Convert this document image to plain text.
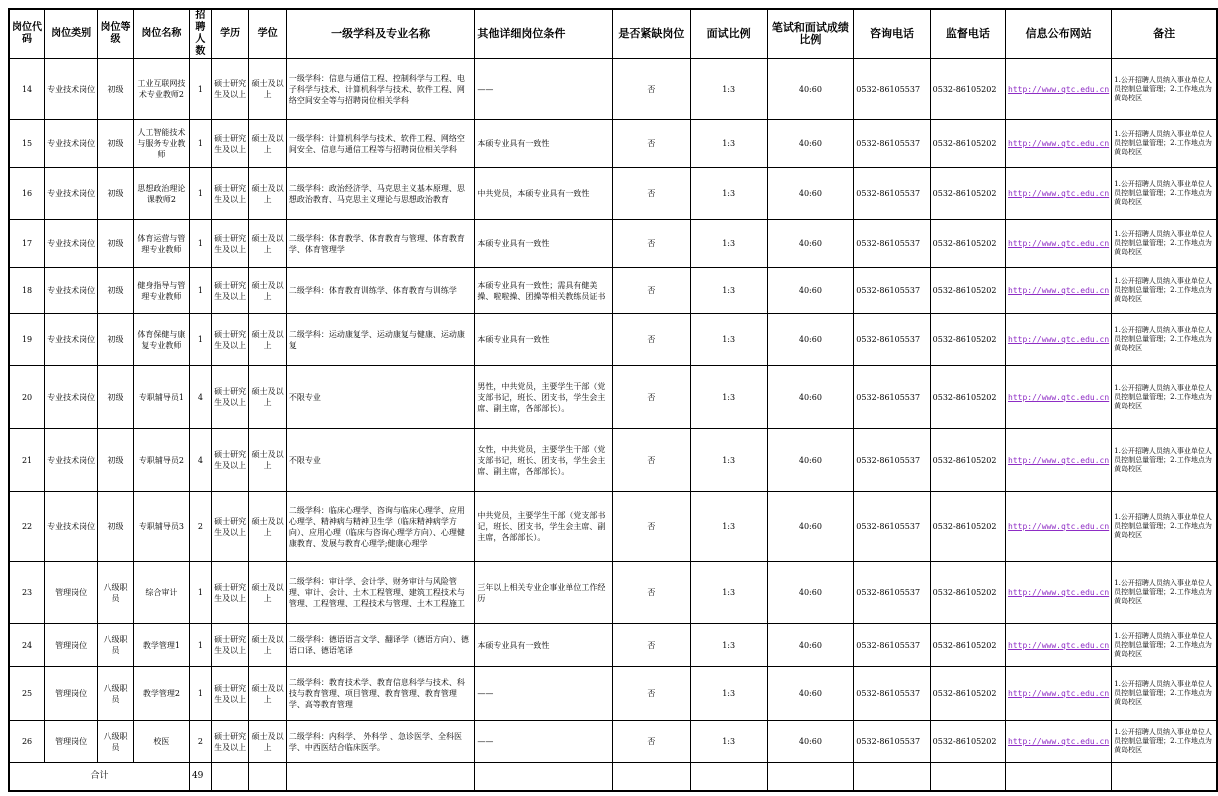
岗位代码	岗位类别	岗位等级	岗位名称	招聘人数	学历	学位	一级学科及专业名称	其他详细岗位条件	是否紧缺岗位	面试比例	笔试和面试成绩比例	咨询电话	监督电话	信息公布网站	备注
14	专业技术岗位	初级	工业互联网技术专业教师2	1	硕士研究生及以上	硕士及以上	一级学科：信息与通信工程、控制科学与工程、电子科学与技术、计算机科学与技术、软件工程、网络空间安全等与招聘岗位相关学科	——	否	1:3	40:60	0532-86105537	0532-86105202	http://www.qtc.edu.cn	1.公开招聘人员纳入事业单位人员控制总量管理；2.工作地点为黄岛校区
15	专业技术岗位	初级	人工智能技术与服务专业教师	1	硕士研究生及以上	硕士及以上	一级学科：计算机科学与技术、软件工程、网络空间安全、信息与通信工程等与招聘岗位相关学科	本硕专业具有一致性	否	1:3	40:60	0532-86105537	0532-86105202	http://www.qtc.edu.cn	1.公开招聘人员纳入事业单位人员控制总量管理；2.工作地点为黄岛校区
16	专业技术岗位	初级	思想政治理论课教师2	1	硕士研究生及以上	硕士及以上	二级学科：政治经济学、马克思主义基本原理、思想政治教育、马克思主义理论与思想政治教育	中共党员，本硕专业具有一致性	否	1:3	40:60	0532-86105537	0532-86105202	http://www.qtc.edu.cn	1.公开招聘人员纳入事业单位人员控制总量管理；2.工作地点为黄岛校区
17	专业技术岗位	初级	体育运营与管理专业教师	1	硕士研究生及以上	硕士及以上	二级学科：体育教学、体育教育与管理、体育教育学、体育管理学	本硕专业具有一致性	否	1:3	40:60	0532-86105537	0532-86105202	http://www.qtc.edu.cn	1.公开招聘人员纳入事业单位人员控制总量管理；2.工作地点为黄岛校区
18	专业技术岗位	初级	健身指导与管理专业教师	1	硕士研究生及以上	硕士及以上	二级学科：体育教育训练学、体育教育与训练学	本硕专业具有一致性；需具有健美操、啦啦操、团操等相关教练员证书	否	1:3	40:60	0532-86105537	0532-86105202	http://www.qtc.edu.cn	1.公开招聘人员纳入事业单位人员控制总量管理；2.工作地点为黄岛校区
19	专业技术岗位	初级	体育保健与康复专业教师	1	硕士研究生及以上	硕士及以上	二级学科：运动康复学、运动康复与健康、运动康复	本硕专业具有一致性	否	1:3	40:60	0532-86105537	0532-86105202	http://www.qtc.edu.cn	1.公开招聘人员纳入事业单位人员控制总量管理；2.工作地点为黄岛校区
20	专业技术岗位	初级	专职辅导员1	4	硕士研究生及以上	硕士及以上	不限专业	男性，中共党员，主要学生干部（党支部书记，班长、团支书，学生会主席、副主席，各部部长）。	否	1:3	40:60	0532-86105537	0532-86105202	http://www.qtc.edu.cn	1.公开招聘人员纳入事业单位人员控制总量管理；2.工作地点为黄岛校区
21	专业技术岗位	初级	专职辅导员2	4	硕士研究生及以上	硕士及以上	不限专业	女性，中共党员，主要学生干部（党支部书记，班长、团支书，学生会主席、副主席，各部部长）。	否	1:3	40:60	0532-86105537	0532-86105202	http://www.qtc.edu.cn	1.公开招聘人员纳入事业单位人员控制总量管理；2.工作地点为黄岛校区
22	专业技术岗位	初级	专职辅导员3	2	硕士研究生及以上	硕士及以上	二级学科：临床心理学、咨询与临床心理学、应用心理学、精神病与精神卫生学（临床精神病学方向）、应用心理（临床与咨询心理学方向）、心理健康教育、发展与教育心理学;健康心理学	中共党员，主要学生干部（党支部书记，班长、团支书，学生会主席、副主席，各部部长）。	否	1:3	40:60	0532-86105537	0532-86105202	http://www.qtc.edu.cn	1.公开招聘人员纳入事业单位人员控制总量管理；2.工作地点为黄岛校区
23	管理岗位	八级职员	综合审计	1	硕士研究生及以上	硕士及以上	二级学科：审计学、会计学、财务审计与风险管理、审计、会计、土木工程管理、建筑工程技术与管理、工程管理、工程技术与管理、土木工程施工	三年以上相关专业企事业单位工作经历	否	1:3	40:60	0532-86105537	0532-86105202	http://www.qtc.edu.cn	1.公开招聘人员纳入事业单位人员控制总量管理；2.工作地点为黄岛校区
24	管理岗位	八级职员	教学管理1	1	硕士研究生及以上	硕士及以上	二级学科：德语语言文学、翻译学（德语方向）、德语口译、德语笔译	本硕专业具有一致性	否	1:3	40:60	0532-86105537	0532-86105202	http://www.qtc.edu.cn	1.公开招聘人员纳入事业单位人员控制总量管理；2.工作地点为黄岛校区
25	管理岗位	八级职员	教学管理2	1	硕士研究生及以上	硕士及以上	二级学科：教育技术学、教育信息科学与技术、科技与教育管理、项目管理、教育管理、教育管理学、高等教育管理	——	否	1:3	40:60	0532-86105537	0532-86105202	http://www.qtc.edu.cn	1.公开招聘人员纳入事业单位人员控制总量管理；2.工作地点为黄岛校区
26	管理岗位	八级职员	校医	2	硕士研究生及以上	硕士及以上	二级学科：内科学、 外科学 、急诊医学、全科医学、中西医结合临床医学。	——	否	1:3	40:60	0532-86105537	0532-86105202	http://www.qtc.edu.cn	1.公开招聘人员纳入事业单位人员控制总量管理；2.工作地点为黄岛校区
合计				49											
